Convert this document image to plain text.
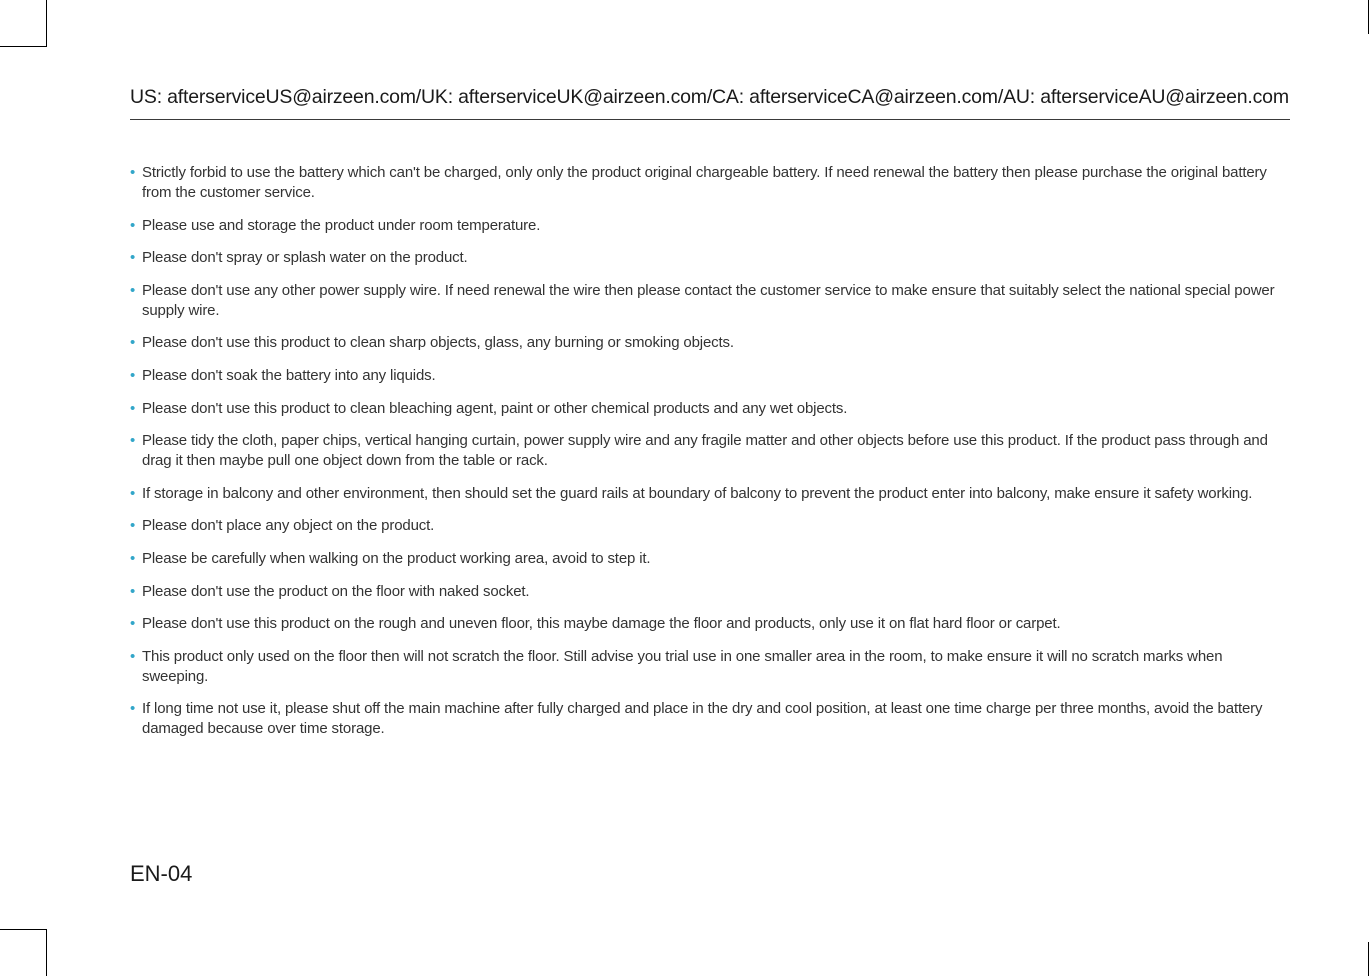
US: afterserviceUS@airzeen.com/UK: afterserviceUK@airzeen.com/CA: afterserviceCA@airzeen.com/AU: afterserviceAU@airzeen.com
• Strictly forbid to use the battery which can't be charged, only only the product original chargeable battery. If need renewal the battery then please purchase the original battery from the customer service.
• Please use and storage the product under room temperature.
• Please don't spray or splash water on the product.
• Please don't use any other power supply wire. If need renewal the wire then please contact the customer service to make ensure that suitably select the national special power supply wire.
• Please don't use this product to clean sharp objects, glass, any burning or smoking objects.
• Please don't soak the battery into any liquids.
• Please don't use this product to clean bleaching agent, paint or other chemical products and any wet objects.
• Please tidy the cloth, paper chips, vertical hanging curtain, power supply wire and any fragile matter and other objects before use this product. If the product pass through and drag it then maybe pull one object down from the table or rack.
• If storage in balcony and other environment, then should set the guard rails at boundary of balcony to prevent the product enter into balcony, make ensure it safety working.
• Please don't place any object on the product.
• Please be carefully when walking on the product working area, avoid to step it.
• Please don't use the product on the floor with naked socket.
• Please don't use this product on the rough and uneven floor, this maybe damage the floor and products, only use it on flat hard floor or carpet.
• This product only used on the floor then will not scratch the floor. Still advise you trial use in one smaller area in the room, to make ensure it will no scratch marks when sweeping.
• If long time not use it, please shut off the main machine after fully charged and place in the dry and cool position, at least one time charge per three months, avoid the battery damaged because over time storage.
EN-04
